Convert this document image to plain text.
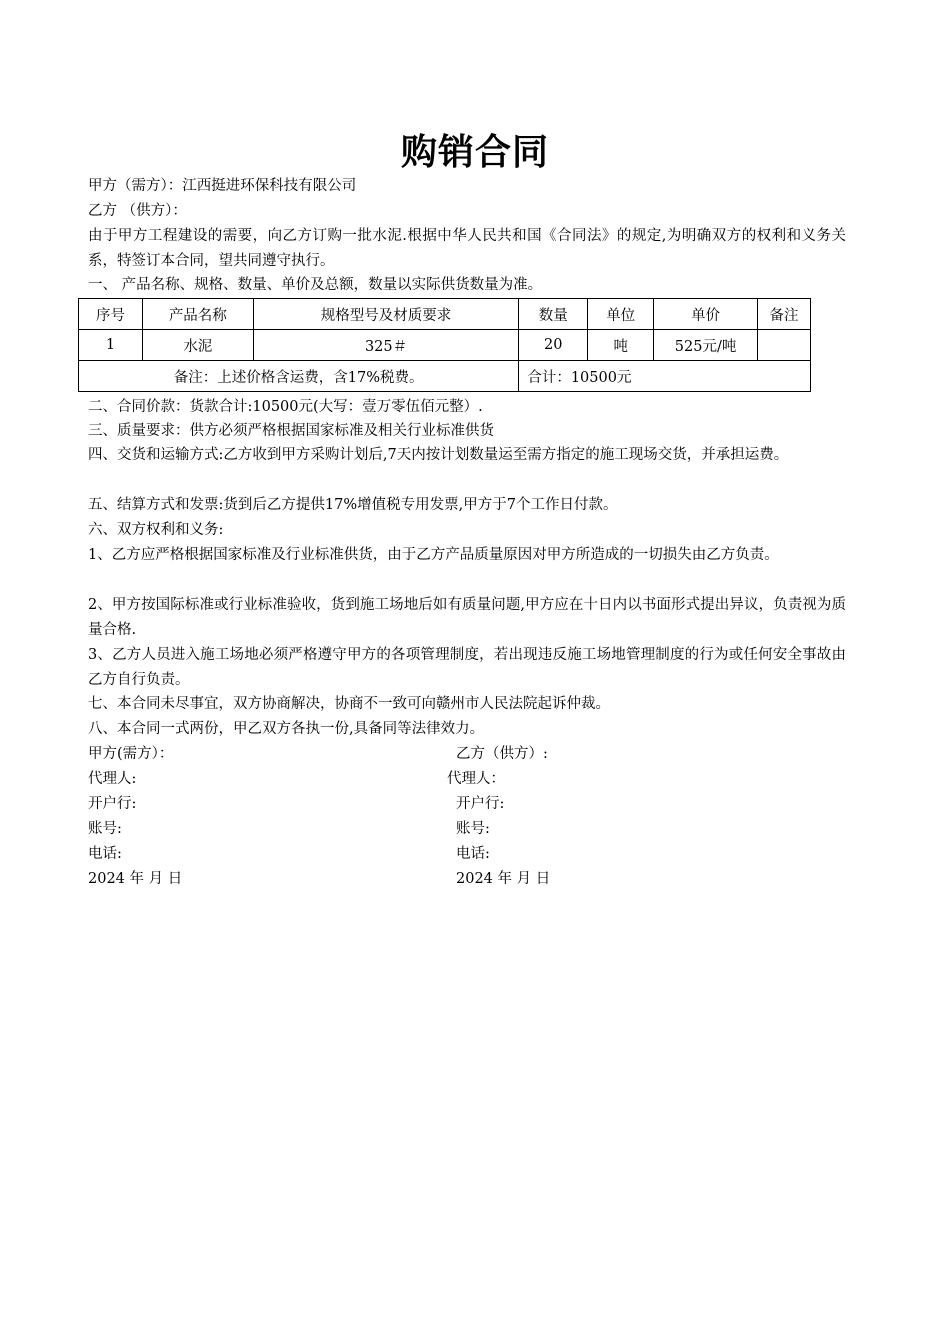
购销合同
甲方（需方）：江西挺进环保科技有限公司
乙方 （供方）：
由于甲方工程建设的需要，向乙方订购一批水泥.根据中华人民共和国《合同法》的规定,为明确双方的权利和义务关系，特签订本合同，望共同遵守执行。
一、 产品名称、规格、数量、单价及总额，数量以实际供货数量为准。
序号	产品名称	规格型号及材质要求	数量	单位	单价	备注
1	水泥	325＃	20	吨	525元/吨	
备注：上述价格含运费，含17%税费。			合计：10500元			
二、合同价款：货款合计:10500元(大写：壹万零伍佰元整）.
三、质量要求：供方必须严格根据国家标准及相关行业标准供货
四、交货和运输方式:乙方收到甲方采购计划后,7天内按计划数量运至需方指定的施工现场交货，并承担运费。
五、结算方式和发票:货到后乙方提供17%增值税专用发票,甲方于7个工作日付款。
六、双方权利和义务:
1、乙方应严格根据国家标准及行业标准供货，由于乙方产品质量原因对甲方所造成的一切损失由乙方负责。
2、甲方按国际标准或行业标准验收，货到施工场地后如有质量问题,甲方应在十日内以书面形式提出异议，负责视为质量合格.
3、乙方人员进入施工场地必须严格遵守甲方的各项管理制度，若出现违反施工场地管理制度的行为或任何安全事故由乙方自行负责。
七、本合同未尽事宜，双方协商解决，协商不一致可向赣州市人民法院起诉仲裁。
八、本合同一式两份，甲乙双方各执一份,具备同等法律效力。
甲方(需方）：
代理人:
开户行:
账号:
电话:
2024 年 月 日
乙方（供方）:
代理人：
开户行:
账号:
电话:
2024 年 月 日
